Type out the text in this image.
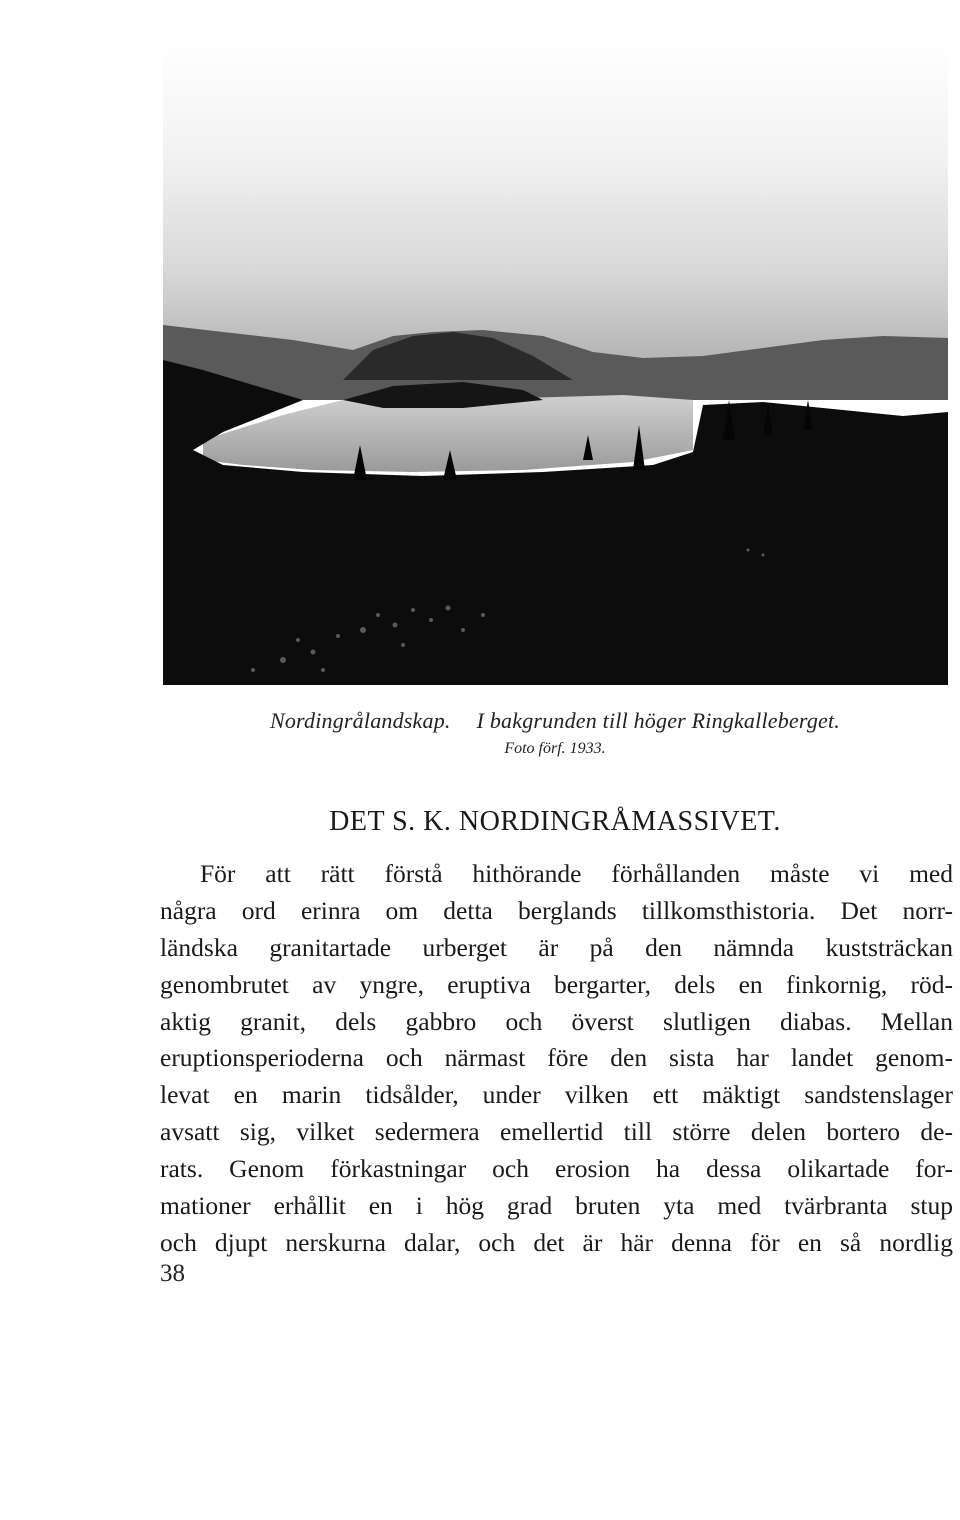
Nordingrålandskap. I bakgrunden till höger Ringkalleberget.
Foto förf. 1933.
DET S. K. NORDINGRÅMASSIVET.
För att rätt förstå hithörande förhållanden måste vi med
några ord erinra om detta berglands tillkomsthistoria. Det norr-
ländska granitartade urberget är på den nämnda kuststräckan
genombrutet av yngre, eruptiva bergarter, dels en finkornig, röd-
aktig granit, dels gabbro och överst slutligen diabas. Mellan
eruptionsperioderna och närmast före den sista har landet genom-
levat en marin tidsålder, under vilken ett mäktigt sandstenslager
avsatt sig, vilket sedermera emellertid till större delen bortero de-
rats. Genom förkastningar och erosion ha dessa olikartade for-
mationer erhållit en i hög grad bruten yta med tvärbranta stup
och djupt nerskurna dalar, och det är här denna för en så nordlig
38
